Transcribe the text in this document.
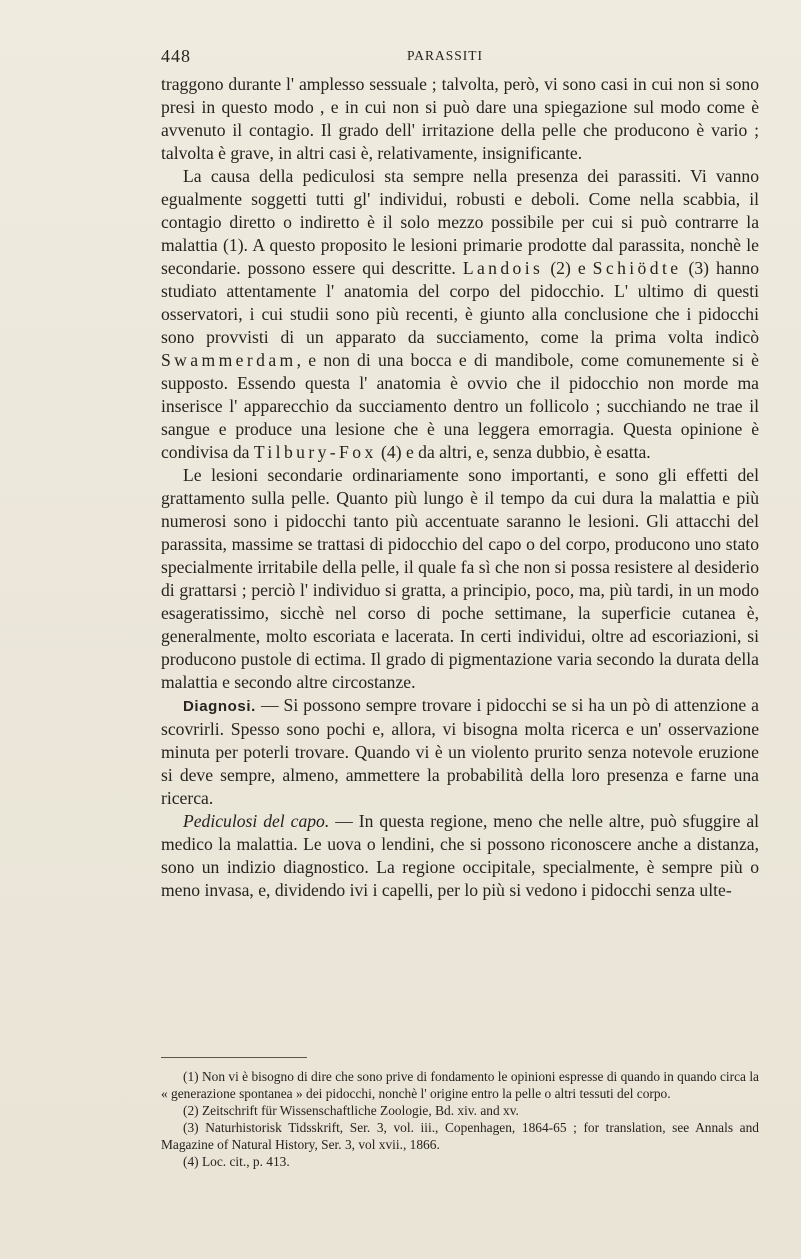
448	PARASSITI

traggono durante l' amplesso sessuale ; talvolta, però, vi sono casi in cui non si sono presi in questo modo , e in cui non si può dare una spiegazione sul modo come è avvenuto il contagio. Il grado dell' irritazione della pelle che producono è vario ; talvolta è grave, in altri casi è, relativamente, insignificante.

La causa della pediculosi sta sempre nella presenza dei parassiti. Vi vanno egualmente soggetti tutti gl' individui, robusti e deboli. Come nella scabbia, il contagio diretto o indiretto è il solo mezzo possibile per cui si può contrarre la malattia (1). A questo proposito le lesioni primarie prodotte dal parassita, nonchè le secondarie. possono essere qui descritte. Landois (2) e Schiödte (3) hanno studiato attentamente l' anatomia del corpo del pidocchio. L' ultimo di questi osservatori, i cui studii sono più recenti, è giunto alla conclusione che i pidocchi sono provvisti di un apparato da succiamento, come la prima volta indicò Swammerdam, e non di una bocca e di mandibole, come comunemente si è supposto. Essendo questa l' anatomia è ovvio che il pidocchio non morde ma inserisce l' apparecchio da succiamento dentro un follicolo ; succhiando ne trae il sangue e produce una lesione che è una leggera emorragia. Questa opinione è condivisa da Tilbury-Fox (4) e da altri, e, senza dubbio, è esatta.

Le lesioni secondarie ordinariamente sono importanti, e sono gli effetti del grattamento sulla pelle. Quanto più lungo è il tempo da cui dura la malattia e più numerosi sono i pidocchi tanto più accentuate saranno le lesioni. Gli attacchi del parassita, massime se trattasi di pidocchio del capo o del corpo, producono uno stato specialmente irritabile della pelle, il quale fa sì che non si possa resistere al desiderio di grattarsi ; perciò l' individuo si gratta, a principio, poco, ma, più tardi, in un modo esageratissimo, sicchè nel corso di poche settimane, la superficie cutanea è, generalmente, molto escoriata e lacerata. In certi individui, oltre ad escoriazioni, si producono pustole di ectima. Il grado di pigmentazione varia secondo la durata della malattia e secondo altre circostanze.

Diagnosi. — Si possono sempre trovare i pidocchi se si ha un pò di attenzione a scovrirli. Spesso sono pochi e, allora, vi bisogna molta ricerca e un' osservazione minuta per poterli trovare. Quando vi è un violento prurito senza notevole eruzione si deve sempre, almeno, ammettere la probabilità della loro presenza e farne una ricerca.

Pediculosi del capo. — In questa regione, meno che nelle altre, può sfuggire al medico la malattia. Le uova o lendini, che si possono riconoscere anche a distanza, sono un indizio diagnostico. La regione occipitale, specialmente, è sempre più o meno invasa, e, dividendo ivi i capelli, per lo più si vedono i pidocchi senza ulte-

(1) Non vi è bisogno di dire che sono prive di fondamento le opinioni espresse di quando in quando circa la « generazione spontanea » dei pidocchi, nonchè l' origine entro la pelle o altri tessuti del corpo.

(2) Zeitschrift für Wissenschaftliche Zoologie, Bd. xiv. and xv.

(3) Naturhistorisk Tidsskrift, Ser. 3, vol. iii., Copenhagen, 1864-65 ; for translation, see Annals and Magazine of Natural History, Ser. 3, vol xvii., 1866.

(4) Loc. cit., p. 413.
